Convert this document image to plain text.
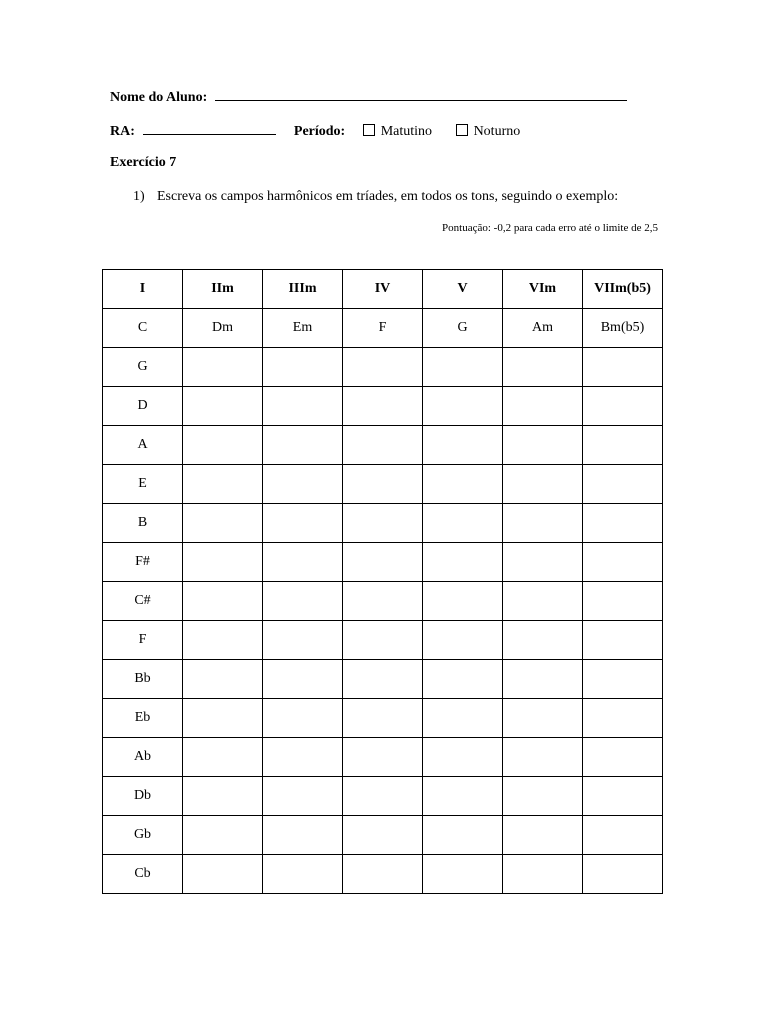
Nome do Aluno:
RA:	Período:	Matutino	Noturno
Exercício 7
1) Escreva os campos harmônicos em tríades, em todos os tons, seguindo o exemplo:
Pontuação: -0,2 para cada erro até o limite de 2,5
I	IIm	IIIm	IV	V	VIm	VIIm(b5)
C	Dm	Em	F	G	Am	Bm(b5)
G						
D						
A						
E						
B						
F#						
C#						
F						
Bb						
Eb						
Ab						
Db						
Gb						
Cb						
